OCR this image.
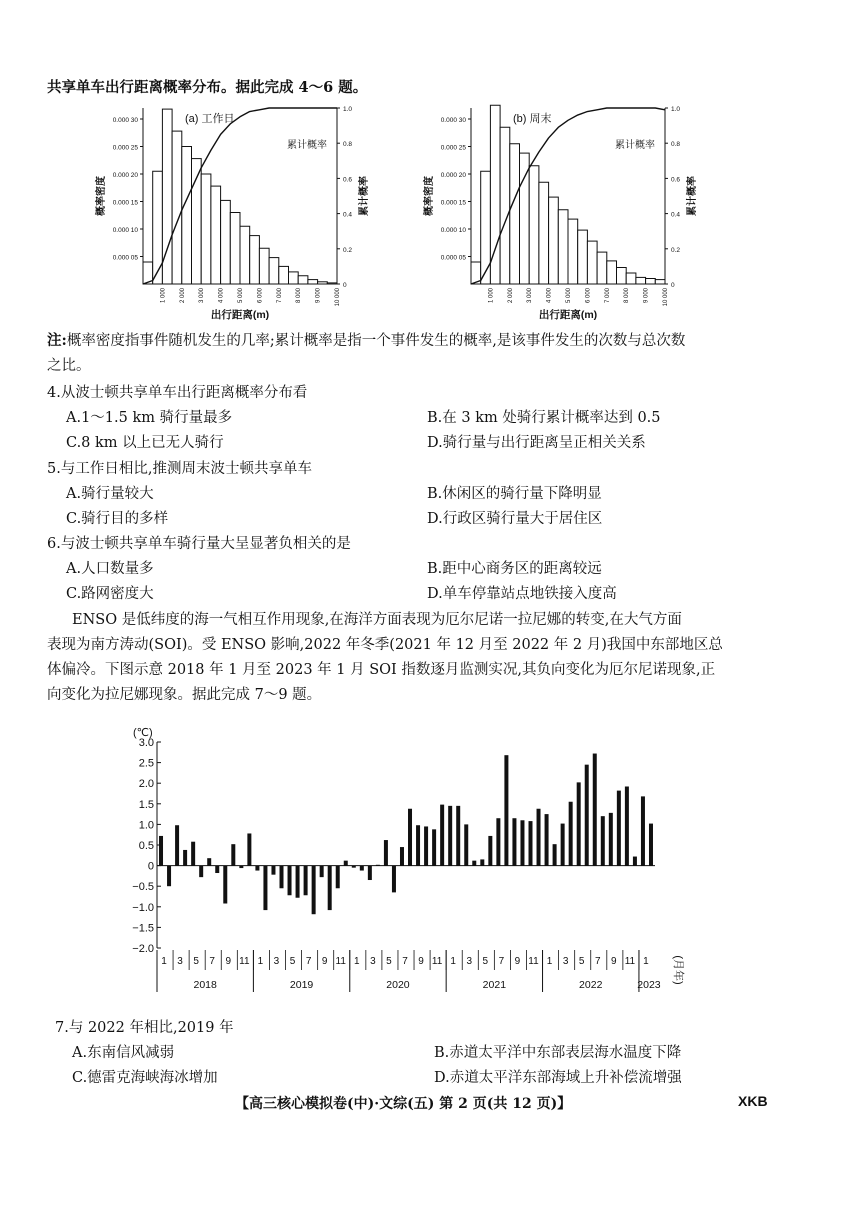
共享单车出行距离概率分布。据此完成 4～6 题。
0.000 05
0.000 10
0.000 15
0.000 20
0.000 25
0.000 30
0
0.2
0.4
0.6
0.8
1.0
1 000 2 000 3 000 4 000 5 000 6 000 7 000 8 000 9 000 10 000
(a) 工作日
累计概率
出行距离(m)
概率密度	累计概率
0.000 05
0.000 10
0.000 15
0.000 20
0.000 25
0.000 30
0
0.2
0.4
0.6
0.8
1.0
1 000 2 000 3 000 4 000 5 000 6 000 7 000 8 000 9 000 10 000
(b) 周末
累计概率
出行距离(m)
概率密度	累计概率
注:概率密度指事件随机发生的几率;累计概率是指一个事件发生的概率,是该事件发生的次数与总次数
之比。
4.从波士顿共享单车出行距离概率分布看
A.1～1.5 km 骑行量最多	B.在 3 km 处骑行累计概率达到 0.5
C.8 km 以上已无人骑行	D.骑行量与出行距离呈正相关关系
5.与工作日相比,推测周末波士顿共享单车
A.骑行量较大	B.休闲区的骑行量下降明显
C.骑行目的多样	D.行政区骑行量大于居住区
6.与波士顿共享单车骑行量大呈显著负相关的是
A.人口数量多	B.距中心商务区的距离较远
C.路网密度大	D.单车停靠站点地铁接入度高
ENSO 是低纬度的海一气相互作用现象,在海洋方面表现为厄尔尼诺一拉尼娜的转变,在大气方面
表现为南方涛动(SOI)。受 ENSO 影响,2022 年冬季(2021 年 12 月至 2022 年 2 月)我国中东部地区总
体偏冷。下图示意 2018 年 1 月至 2023 年 1 月 SOI 指数逐月监测实况,其负向变化为厄尔尼诺现象,正
向变化为拉尼娜现象。据此完成 7～9 题。
3.0
2.5
2.0
1.5
1.0
0.5
0
−0.5
−1.0
−1.5
−2.0
(℃)
1 3 5 7 9 11 1 3 5 7 9 11 1 3 5 7 9 11 1 3 5 7 9 11 1 3 5 7 9 11 1
2018	2019	2020	2021	2022	2023
(月年)
7.与 2022 年相比,2019 年
A.东南信风减弱	B.赤道太平洋中东部表层海水温度下降
C.德雷克海峡海冰增加	D.赤道太平洋东部海域上升补偿流增强
【高三核心模拟卷(中)·文综(五) 第 2 页(共 12 页)】	XKB
